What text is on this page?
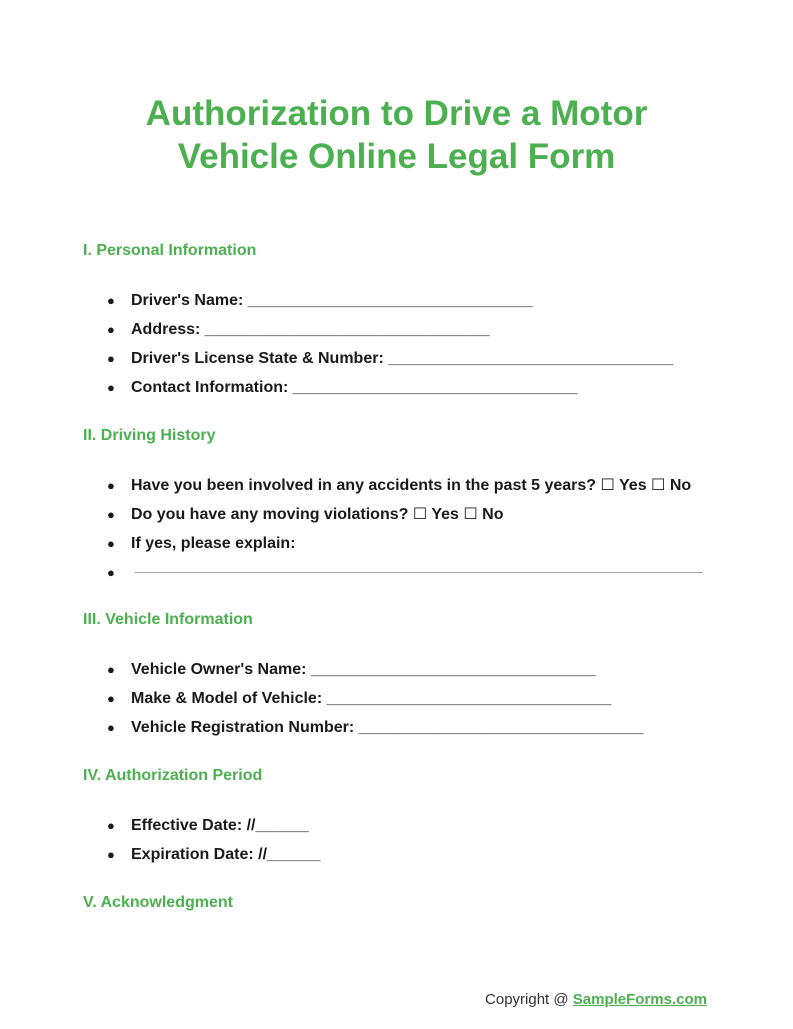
Authorization to Drive a Motor
Vehicle Online Legal Form
I. Personal Information
● Driver's Name: ________________________________
● Address: ________________________________
● Driver's License State & Number: ________________________________
● Contact Information: ________________________________
II. Driving History
● Have you been involved in any accidents in the past 5 years? ☐ Yes ☐ No
● Do you have any moving violations? ☐ Yes ☐ No
● If yes, please explain:
●
III. Vehicle Information
● Vehicle Owner's Name: ________________________________
● Make & Model of Vehicle: ________________________________
● Vehicle Registration Number: ________________________________
IV. Authorization Period
● Effective Date: //______
● Expiration Date: //______
V. Acknowledgment
Copyright @ SampleForms.com
